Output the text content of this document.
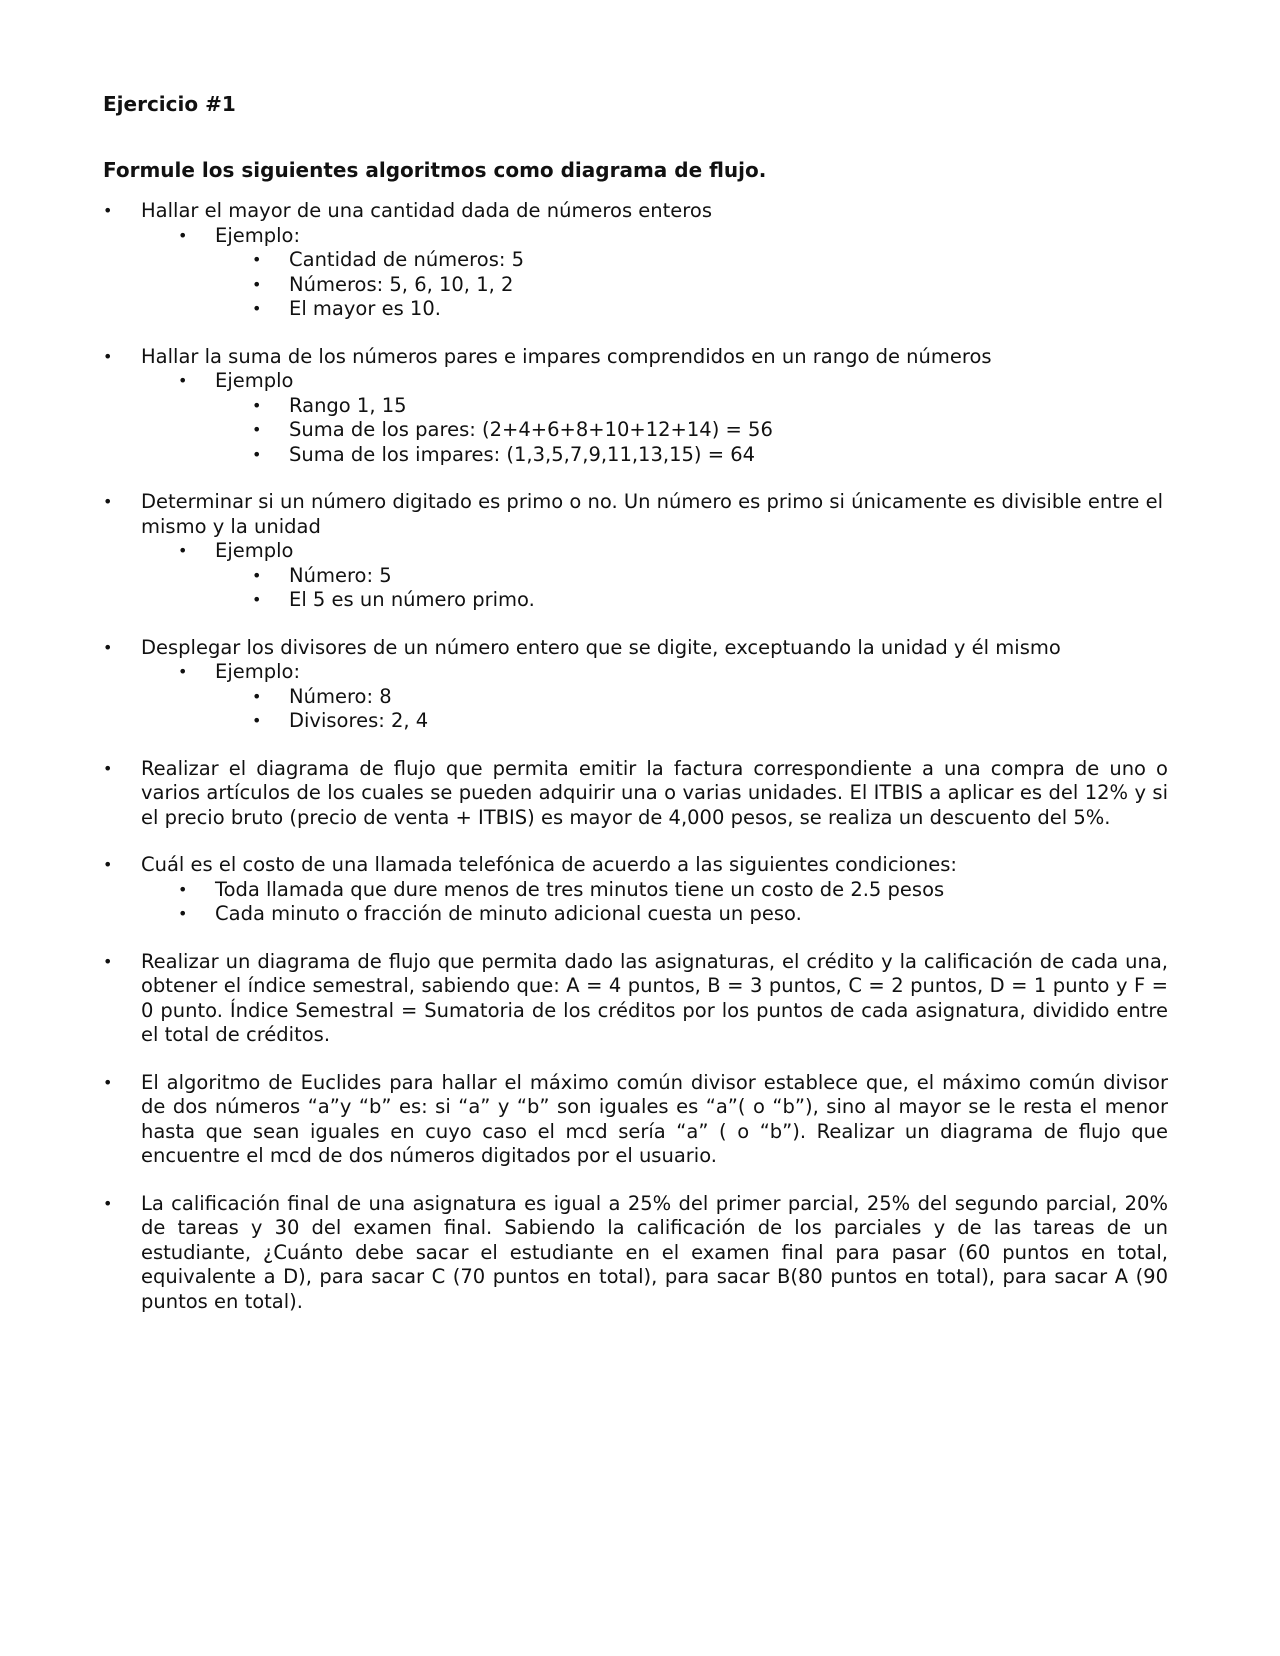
Ejercicio #1

Formule los siguientes algoritmos como diagrama de flujo.

• Hallar el mayor de una cantidad dada de números enteros
• Ejemplo:
• Cantidad de números: 5
• Números: 5, 6, 10, 1, 2
• El mayor es 10.
• Hallar la suma de los números pares e impares comprendidos en un rango de números
• Ejemplo
• Rango 1, 15
• Suma de los pares: (2+4+6+8+10+12+14) = 56
• Suma de los impares: (1,3,5,7,9,11,13,15) = 64
• Determinar si un número digitado es primo o no. Un número es primo si únicamente es divisible entre el mismo y la unidad
• Ejemplo
• Número: 5
• El 5 es un número primo.
• Desplegar los divisores de un número entero que se digite, exceptuando la unidad y él mismo
• Ejemplo:
• Número: 8
• Divisores: 2, 4
• Realizar el diagrama de flujo que permita emitir la factura correspondiente a una compra de uno o varios artículos de los cuales se pueden adquirir una o varias unidades. El ITBIS a aplicar es del 12% y si el precio bruto (precio de venta + ITBIS) es mayor de 4,000 pesos, se realiza un descuento del 5%.
• Cuál es el costo de una llamada telefónica de acuerdo a las siguientes condiciones:
• Toda llamada que dure menos de tres minutos tiene un costo de 2.5 pesos
• Cada minuto o fracción de minuto adicional cuesta un peso.
• Realizar un diagrama de flujo que permita dado las asignaturas, el crédito y la calificación de cada una, obtener el índice semestral, sabiendo que: A = 4 puntos, B = 3 puntos, C = 2 puntos, D = 1 punto y F = 0 punto. Índice Semestral = Sumatoria de los créditos por los puntos de cada asignatura, dividido entre el total de créditos.
• El algoritmo de Euclides para hallar el máximo común divisor establece que, el máximo común divisor de dos números “a”y “b” es: si “a” y “b” son iguales es “a”( o “b”), sino al mayor se le resta el menor hasta que sean iguales en cuyo caso el mcd sería “a” ( o “b”). Realizar un diagrama de flujo que encuentre el mcd de dos números digitados por el usuario.
• La calificación final de una asignatura es igual a 25% del primer parcial, 25% del segundo parcial, 20% de tareas y 30 del examen final. Sabiendo la calificación de los parciales y de las tareas de un estudiante, ¿Cuánto debe sacar el estudiante en el examen final para pasar (60 puntos en total, equivalente a D), para sacar C (70 puntos en total), para sacar B(80 puntos en total), para sacar A (90 puntos en total).
